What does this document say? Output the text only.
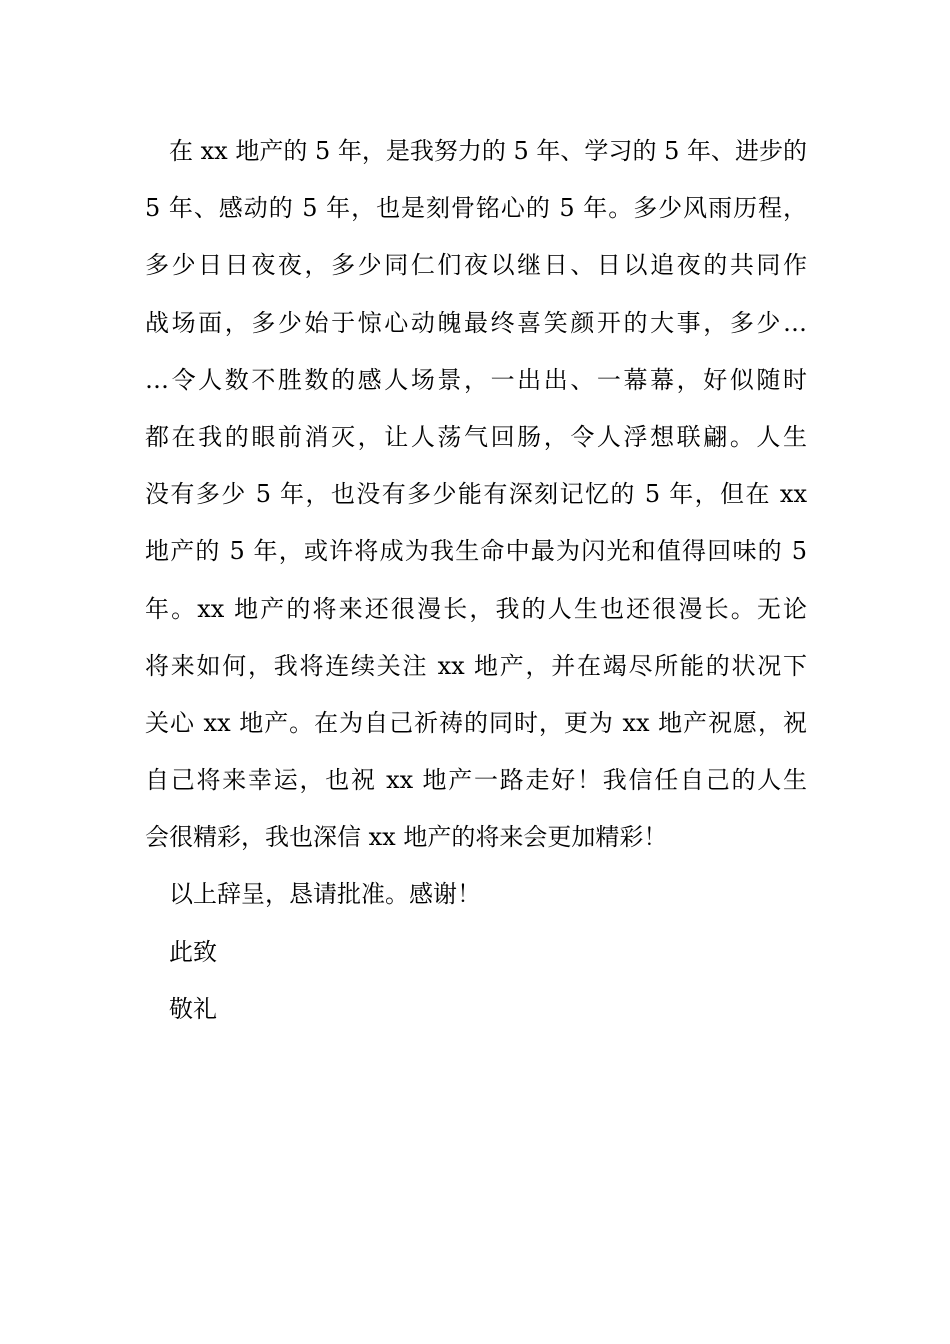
在 xx 地产的 5 年，是我努力的 5 年、学习的 5 年、进步的
5 年、感动的 5 年，也是刻骨铭心的 5 年。多少风雨历程，
多少日日夜夜，多少同仁们夜以继日、日以追夜的共同作
战场面，多少始于惊心动魄最终喜笑颜开的大事，多少…
…令人数不胜数的感人场景，一出出、一幕幕，好似随时
都在我的眼前消灭，让人荡气回肠，令人浮想联翩。人生
没有多少 5 年，也没有多少能有深刻记忆的 5 年，但在 xx
地产的 5 年，或许将成为我生命中最为闪光和值得回味的 5
年。xx 地产的将来还很漫长，我的人生也还很漫长。无论
将来如何，我将连续关注 xx 地产，并在竭尽所能的状况下
关心 xx 地产。在为自己祈祷的同时，更为 xx 地产祝愿，祝
自己将来幸运，也祝 xx 地产一路走好！我信任自己的人生
会很精彩，我也深信 xx 地产的将来会更加精彩！
以上辞呈，恳请批准。感谢！
此致
敬礼
